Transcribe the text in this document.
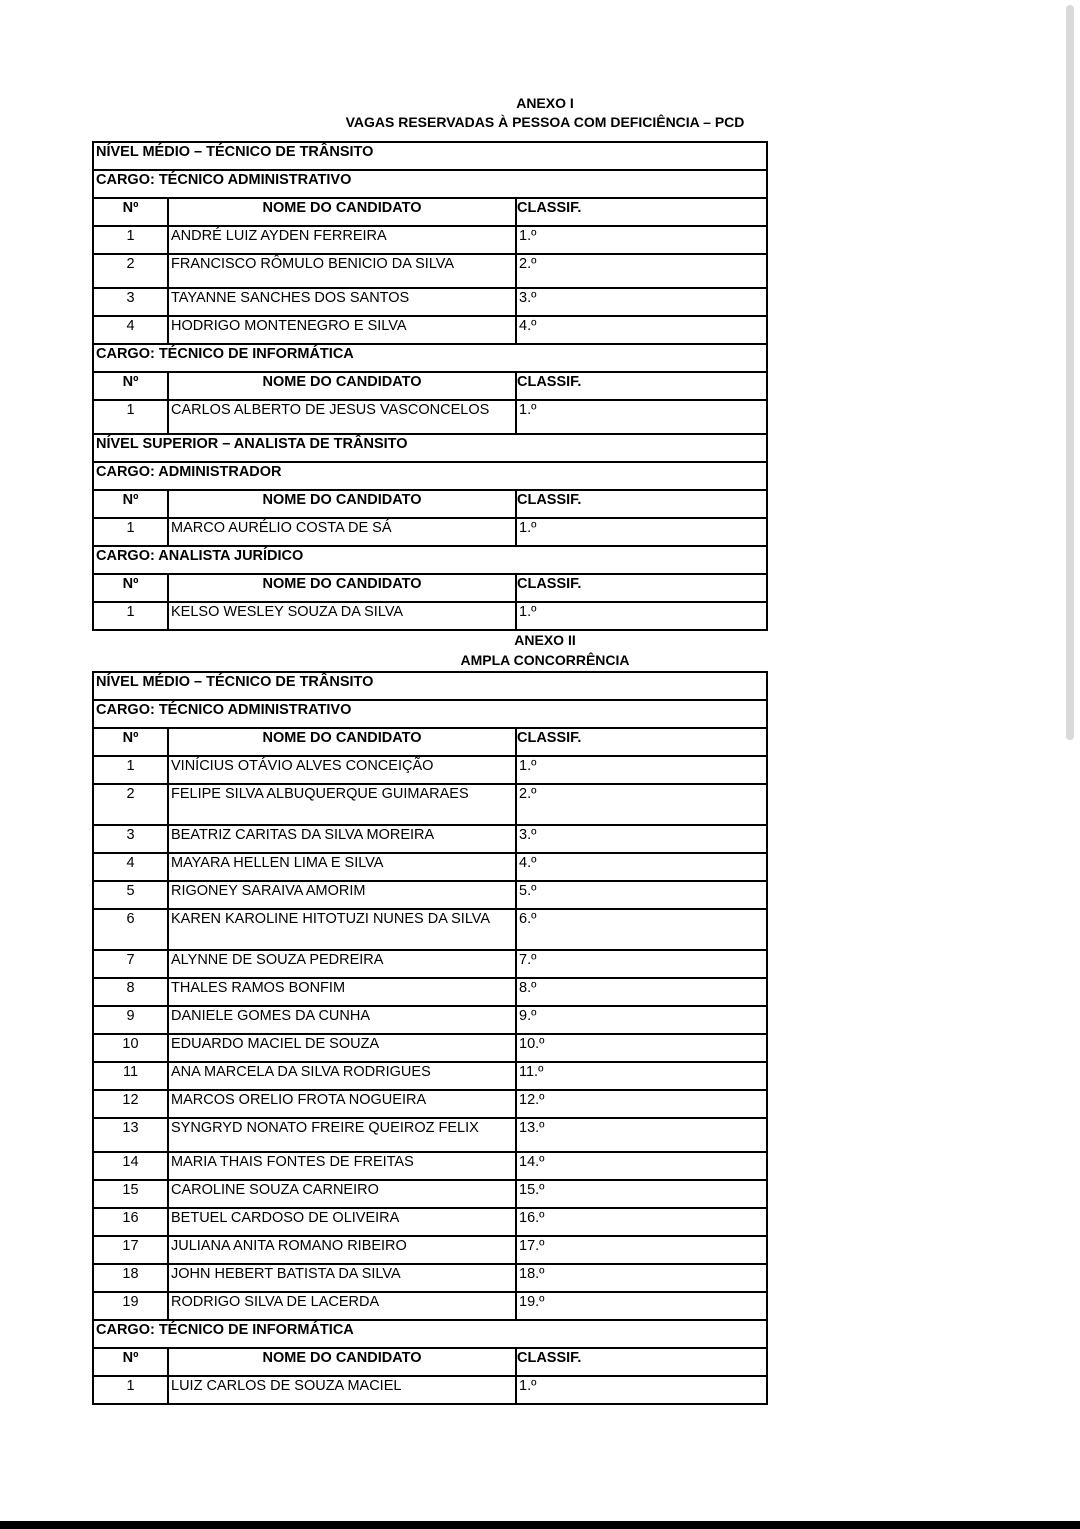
ANEXO I
VAGAS RESERVADAS À PESSOA COM DEFICIÊNCIA – PCD
NÍVEL MÉDIO – TÉCNICO DE TRÂNSITO		
CARGO: TÉCNICO ADMINISTRATIVO		
Nº	NOME DO CANDIDATO	CLASSIF.
1	ANDRÉ LUIZ AYDEN FERREIRA	1.º
2	FRANCISCO RÔMULO BENICIO DA SILVA	2.º
3	TAYANNE SANCHES DOS SANTOS	3.º
4	HODRIGO MONTENEGRO E SILVA	4.º
CARGO: TÉCNICO DE INFORMÁTICA		
Nº	NOME DO CANDIDATO	CLASSIF.
1	CARLOS ALBERTO DE JESUS VASCONCELOS	1.º
NÍVEL SUPERIOR – ANALISTA DE TRÂNSITO		
CARGO: ADMINISTRADOR		
Nº	NOME DO CANDIDATO	CLASSIF.
1	MARCO AURÉLIO COSTA DE SÁ	1.º
CARGO: ANALISTA JURÍDICO		
Nº	NOME DO CANDIDATO	CLASSIF.
1	KELSO WESLEY SOUZA DA SILVA	1.º
ANEXO II
AMPLA CONCORRÊNCIA
NÍVEL MÉDIO – TÉCNICO DE TRÂNSITO		
CARGO: TÉCNICO ADMINISTRATIVO		
Nº	NOME DO CANDIDATO	CLASSIF.
1	VINÍCIUS OTÁVIO ALVES CONCEIÇÃO	1.º
2	FELIPE SILVA ALBUQUERQUE GUIMARAES	2.º
3	BEATRIZ CARITAS DA SILVA MOREIRA	3.º
4	MAYARA HELLEN LIMA E SILVA	4.º
5	RIGONEY SARAIVA AMORIM	5.º
6	KAREN KAROLINE HITOTUZI NUNES DA SILVA	6.º
7	ALYNNE DE SOUZA PEDREIRA	7.º
8	THALES RAMOS BONFIM	8.º
9	DANIELE GOMES DA CUNHA	9.º
10	EDUARDO MACIEL DE SOUZA	10.º
11	ANA MARCELA DA SILVA RODRIGUES	11.º
12	MARCOS ORELIO FROTA NOGUEIRA	12.º
13	SYNGRYD NONATO FREIRE QUEIROZ FELIX	13.º
14	MARIA THAIS FONTES DE FREITAS	14.º
15	CAROLINE SOUZA CARNEIRO	15.º
16	BETUEL CARDOSO DE OLIVEIRA	16.º
17	JULIANA ANITA ROMANO RIBEIRO	17.º
18	JOHN HEBERT BATISTA DA SILVA	18.º
19	RODRIGO SILVA DE LACERDA	19.º
CARGO: TÉCNICO DE INFORMÁTICA		
Nº	NOME DO CANDIDATO	CLASSIF.
1	LUIZ CARLOS DE SOUZA MACIEL	1.º
